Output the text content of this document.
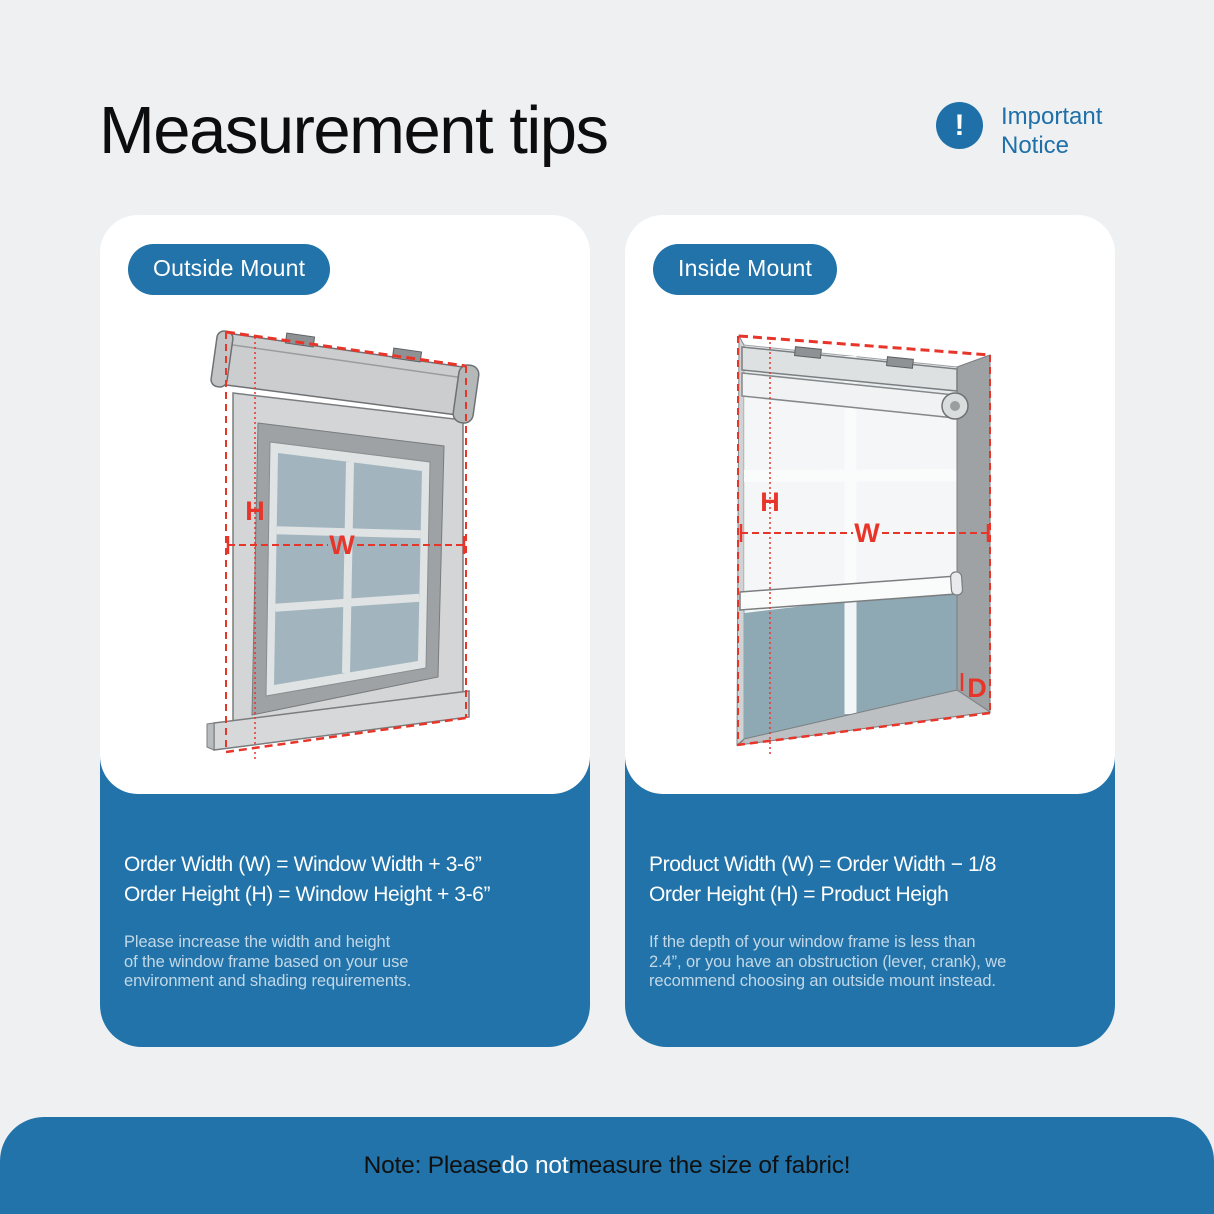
Measurement tips	!	Important
Notice
Outside Mount
H
W
Order Width (W) = Window Width + 3-6”
Order Height (H) = Window Height + 3-6”
Please increase the width and height
of the window frame based on your use
environment and shading requirements.
Inside Mount
H
W
D
Product Width (W) = Order Width − 1/8
Order Height (H) = Product Heigh
If the depth of your window frame is less than
2.4”, or you have an obstruction (lever, crank), we
recommend choosing an outside mount instead.
Note: Please do not measure the size of fabric!
